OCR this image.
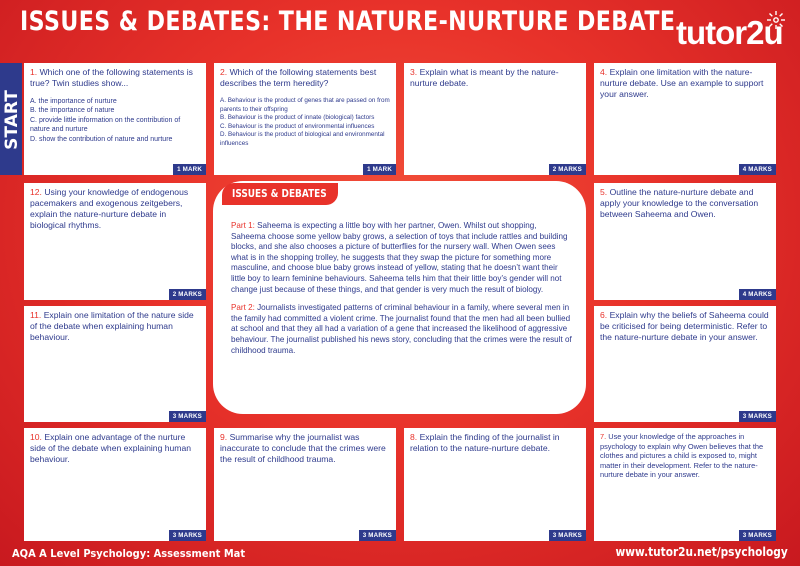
ISSUES & DEBATES: THE NATURE-NURTURE DEBATE tutor2u
START
1. Which one of the following statements is true? Twin studies show...
A. the importance of nurture
B. the importance of nature
C. provide little information on the contribution of nature and nurture
D. show the contribution of nature and nurture
1 MARK
2. Which of the following statements best describes the term heredity?
A. Behaviour is the product of genes that are passed on from parents to their offspring
B. Behaviour is the product of innate (biological) factors
C. Behaviour is the product of environmental influences
D. Behaviour is the product of biological and environmental influences
1 MARK
3. Explain what is meant by the nature-nurture debate.
2 MARKS
4. Explain one limitation with the nature-nurture debate. Use an example to support your answer.
4 MARKS
5. Outline the nature-nurture debate and apply your knowledge to the conversation between Saheema and Owen.
4 MARKS
6. Explain why the beliefs of Saheema could be criticised for being deterministic. Refer to the nature-nurture debate in your answer.
3 MARKS
7. Use your knowledge of the approaches in psychology to explain why Owen believes that the clothes and pictures a child is exposed to, might matter in their development. Refer to the nature-nurture debate in your answer.
3 MARKS
8. Explain the finding of the journalist in relation to the nature-nurture debate.
3 MARKS
9. Summarise why the journalist was inaccurate to conclude that the crimes were the result of childhood trauma.
3 MARKS
10. Explain one advantage of the nurture side of the debate when explaining human behaviour.
3 MARKS
11. Explain one limitation of the nature side of the debate when explaining human behaviour.
3 MARKS
12. Using your knowledge of endogenous pacemakers and exogenous zeitgebers, explain the nature-nurture debate in biological rhythms.
2 MARKS

Part 1: Saheema is expecting a little boy with her partner, Owen. Whilst out shopping, Saheema choose some yellow baby grows, a selection of toys that include rattles and building blocks, and she also chooses a picture of butterflies for the nursery wall. When Owen sees what is in the shopping trolley, he suggests that they swap the picture for something more masculine, and choose blue baby grows instead of yellow, stating that he doesn’t want their little boy to learn feminine behaviours. Saheema tells him that their little boy’s gender will not change just because of these things, and that gender is very much the result of biology.

Part 2: Journalists investigated patterns of criminal behaviour in a family, where several men in the family had committed a violent crime. The journalist found that the men had all been bullied at school and that they all had a variation of a gene that increased the likelihood of aggressive behaviour. The journalist published his news story, concluding that the crimes were the result of childhood trauma.

ISSUES & DEBATES
AQA A Level Psychology: Assessment Mat	www.tutor2u.net/psychology
